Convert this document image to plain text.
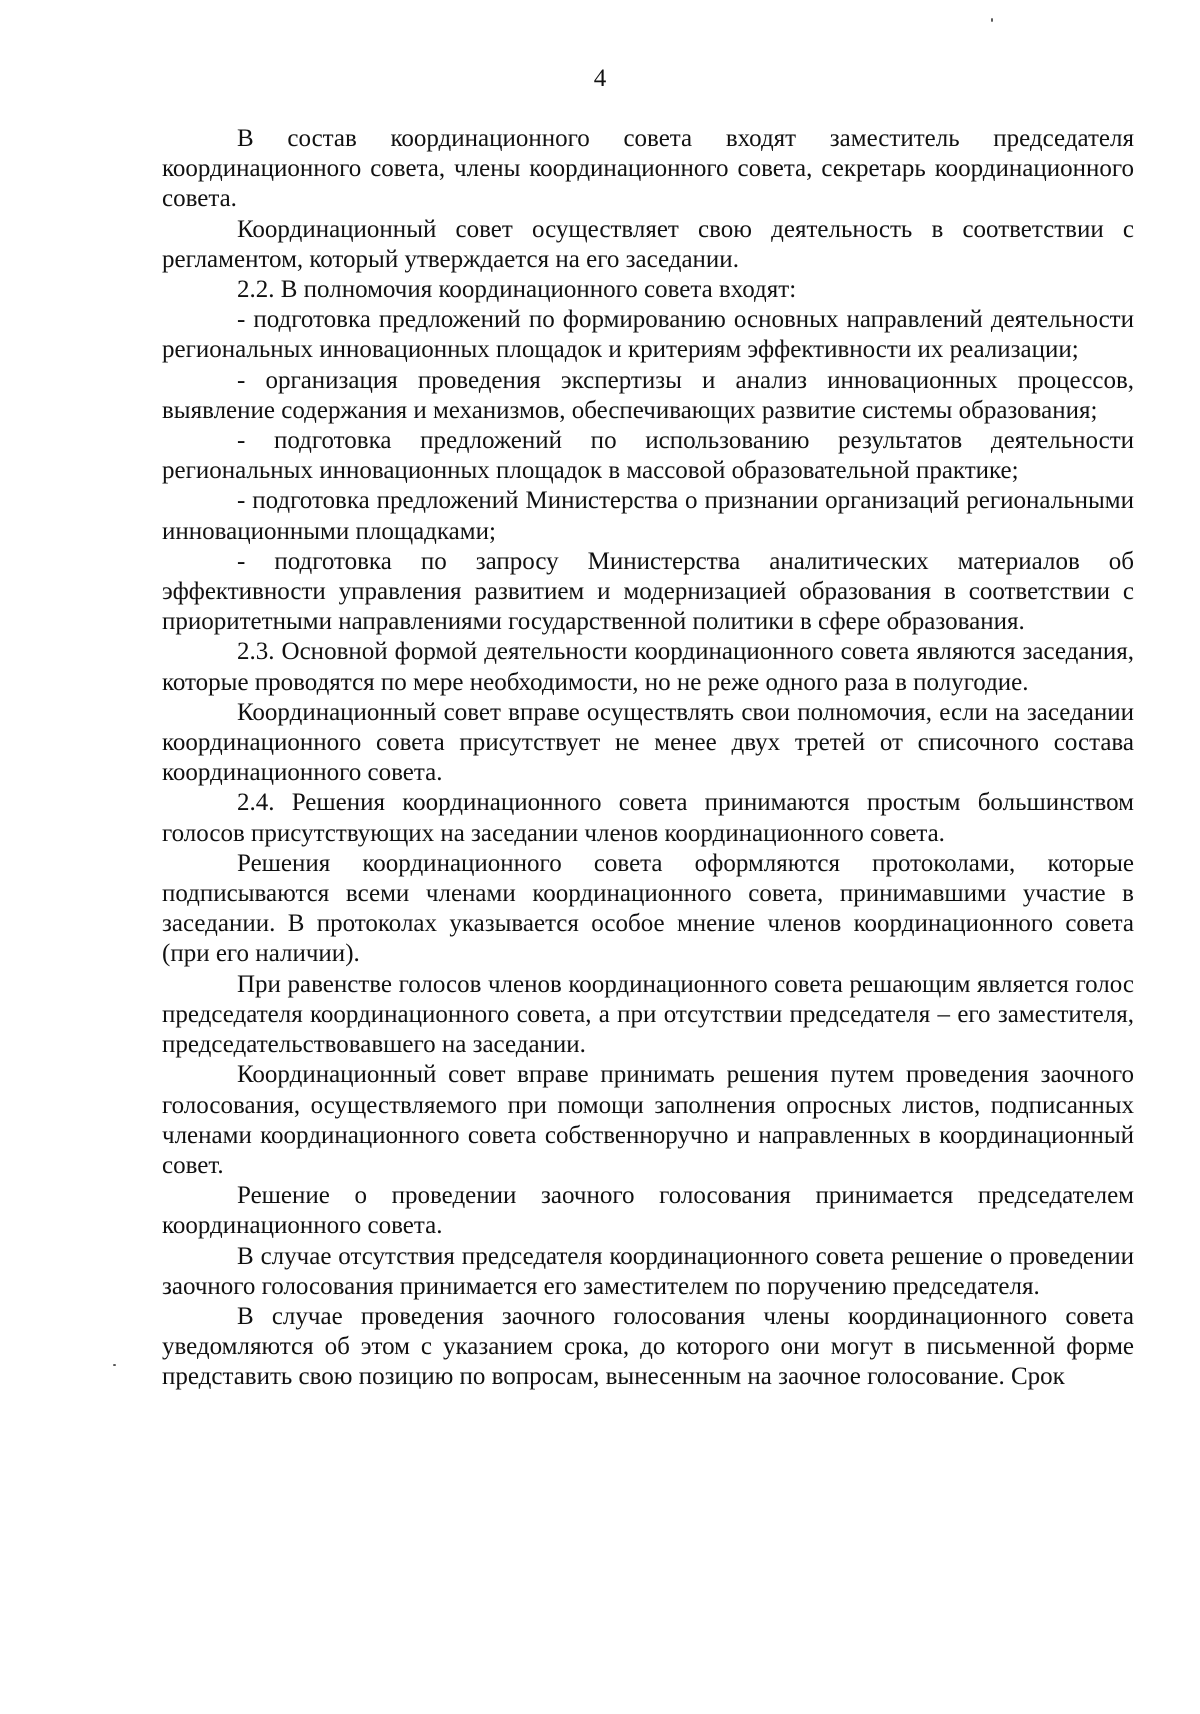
4

В состав координационного совета входят заместитель председателя координационного совета, члены координационного совета, секретарь координационного совета.

Координационный совет осуществляет свою деятельность в соответствии с регламентом, который утверждается на его заседании.

2.2. В полномочия координационного совета входят:

- подготовка предложений по формированию основных направлений деятельности региональных инновационных площадок и критериям эффективности их реализации;

- организация проведения экспертизы и анализ инновационных процессов, выявление содержания и механизмов, обеспечивающих развитие системы образования;

- подготовка предложений по использованию результатов деятельности региональных инновационных площадок в массовой образовательной практике;

- подготовка предложений Министерства о признании организаций региональными инновационными площадками;

- подготовка по запросу Министерства аналитических материалов об эффективности управления развитием и модернизацией образования в соответствии с приоритетными направлениями государственной политики в сфере образования.

2.3. Основной формой деятельности координационного совета являются заседания, которые проводятся по мере необходимости, но не реже одного раза в полугодие.

Координационный совет вправе осуществлять свои полномочия, если на заседании координационного совета присутствует не менее двух третей от списочного состава координационного совета.

2.4. Решения координационного совета принимаются простым большинством голосов присутствующих на заседании членов координационного совета.

Решения координационного совета оформляются протоколами, которые подписываются всеми членами координационного совета, принимавшими участие в заседании. В протоколах указывается особое мнение членов координационного совета (при его наличии).

При равенстве голосов членов координационного совета решающим является голос председателя координационного совета, а при отсутствии председателя – его заместителя, председательствовавшего на заседании.

Координационный совет вправе принимать решения путем проведения заочного голосования, осуществляемого при помощи заполнения опросных листов, подписанных членами координационного совета собственноручно и направленных в координационный совет.

Решение о проведении заочного голосования принимается председателем координационного совета.

В случае отсутствия председателя координационного совета решение о проведении заочного голосования принимается его заместителем по поручению председателя.

В случае проведения заочного голосования члены координационного совета уведомляются об этом с указанием срока, до которого они могут в письменной форме представить свою позицию по вопросам, вынесенным на заочное голосование. Срок
